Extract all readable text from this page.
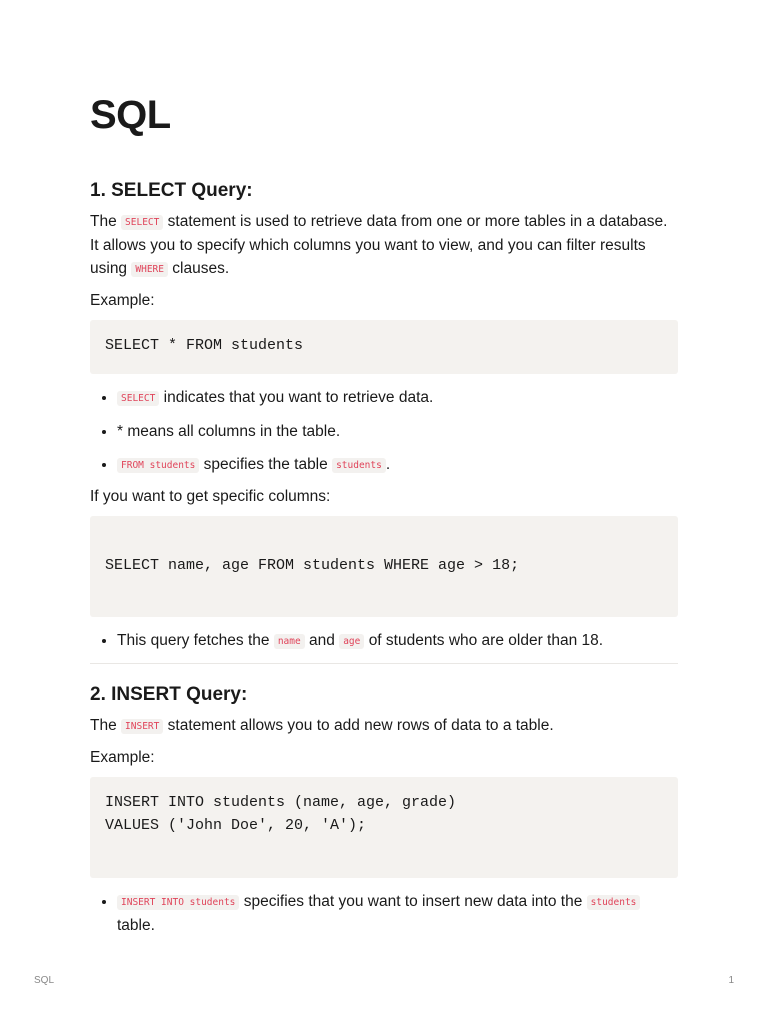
SQL
1. SELECT Query:

The SELECT statement is used to retrieve data from one or more tables in a database. It allows you to specify which columns you want to view, and you can filter results using WHERE clauses.

Example:

SELECT * FROM students
• SELECT indicates that you want to retrieve data.
• * means all columns in the table.
• FROM students specifies the table students .

If you want to get specific columns:

SELECT name, age FROM students WHERE age > 18;
• This query fetches the name and age of students who are older than 18.
2. INSERT Query:

The INSERT statement allows you to add new rows of data to a table.

Example:

INSERT INTO students (name, age, grade)
VALUES ('John Doe', 20, 'A');
• INSERT INTO students specifies that you want to insert new data into the students table.
SQL	1
